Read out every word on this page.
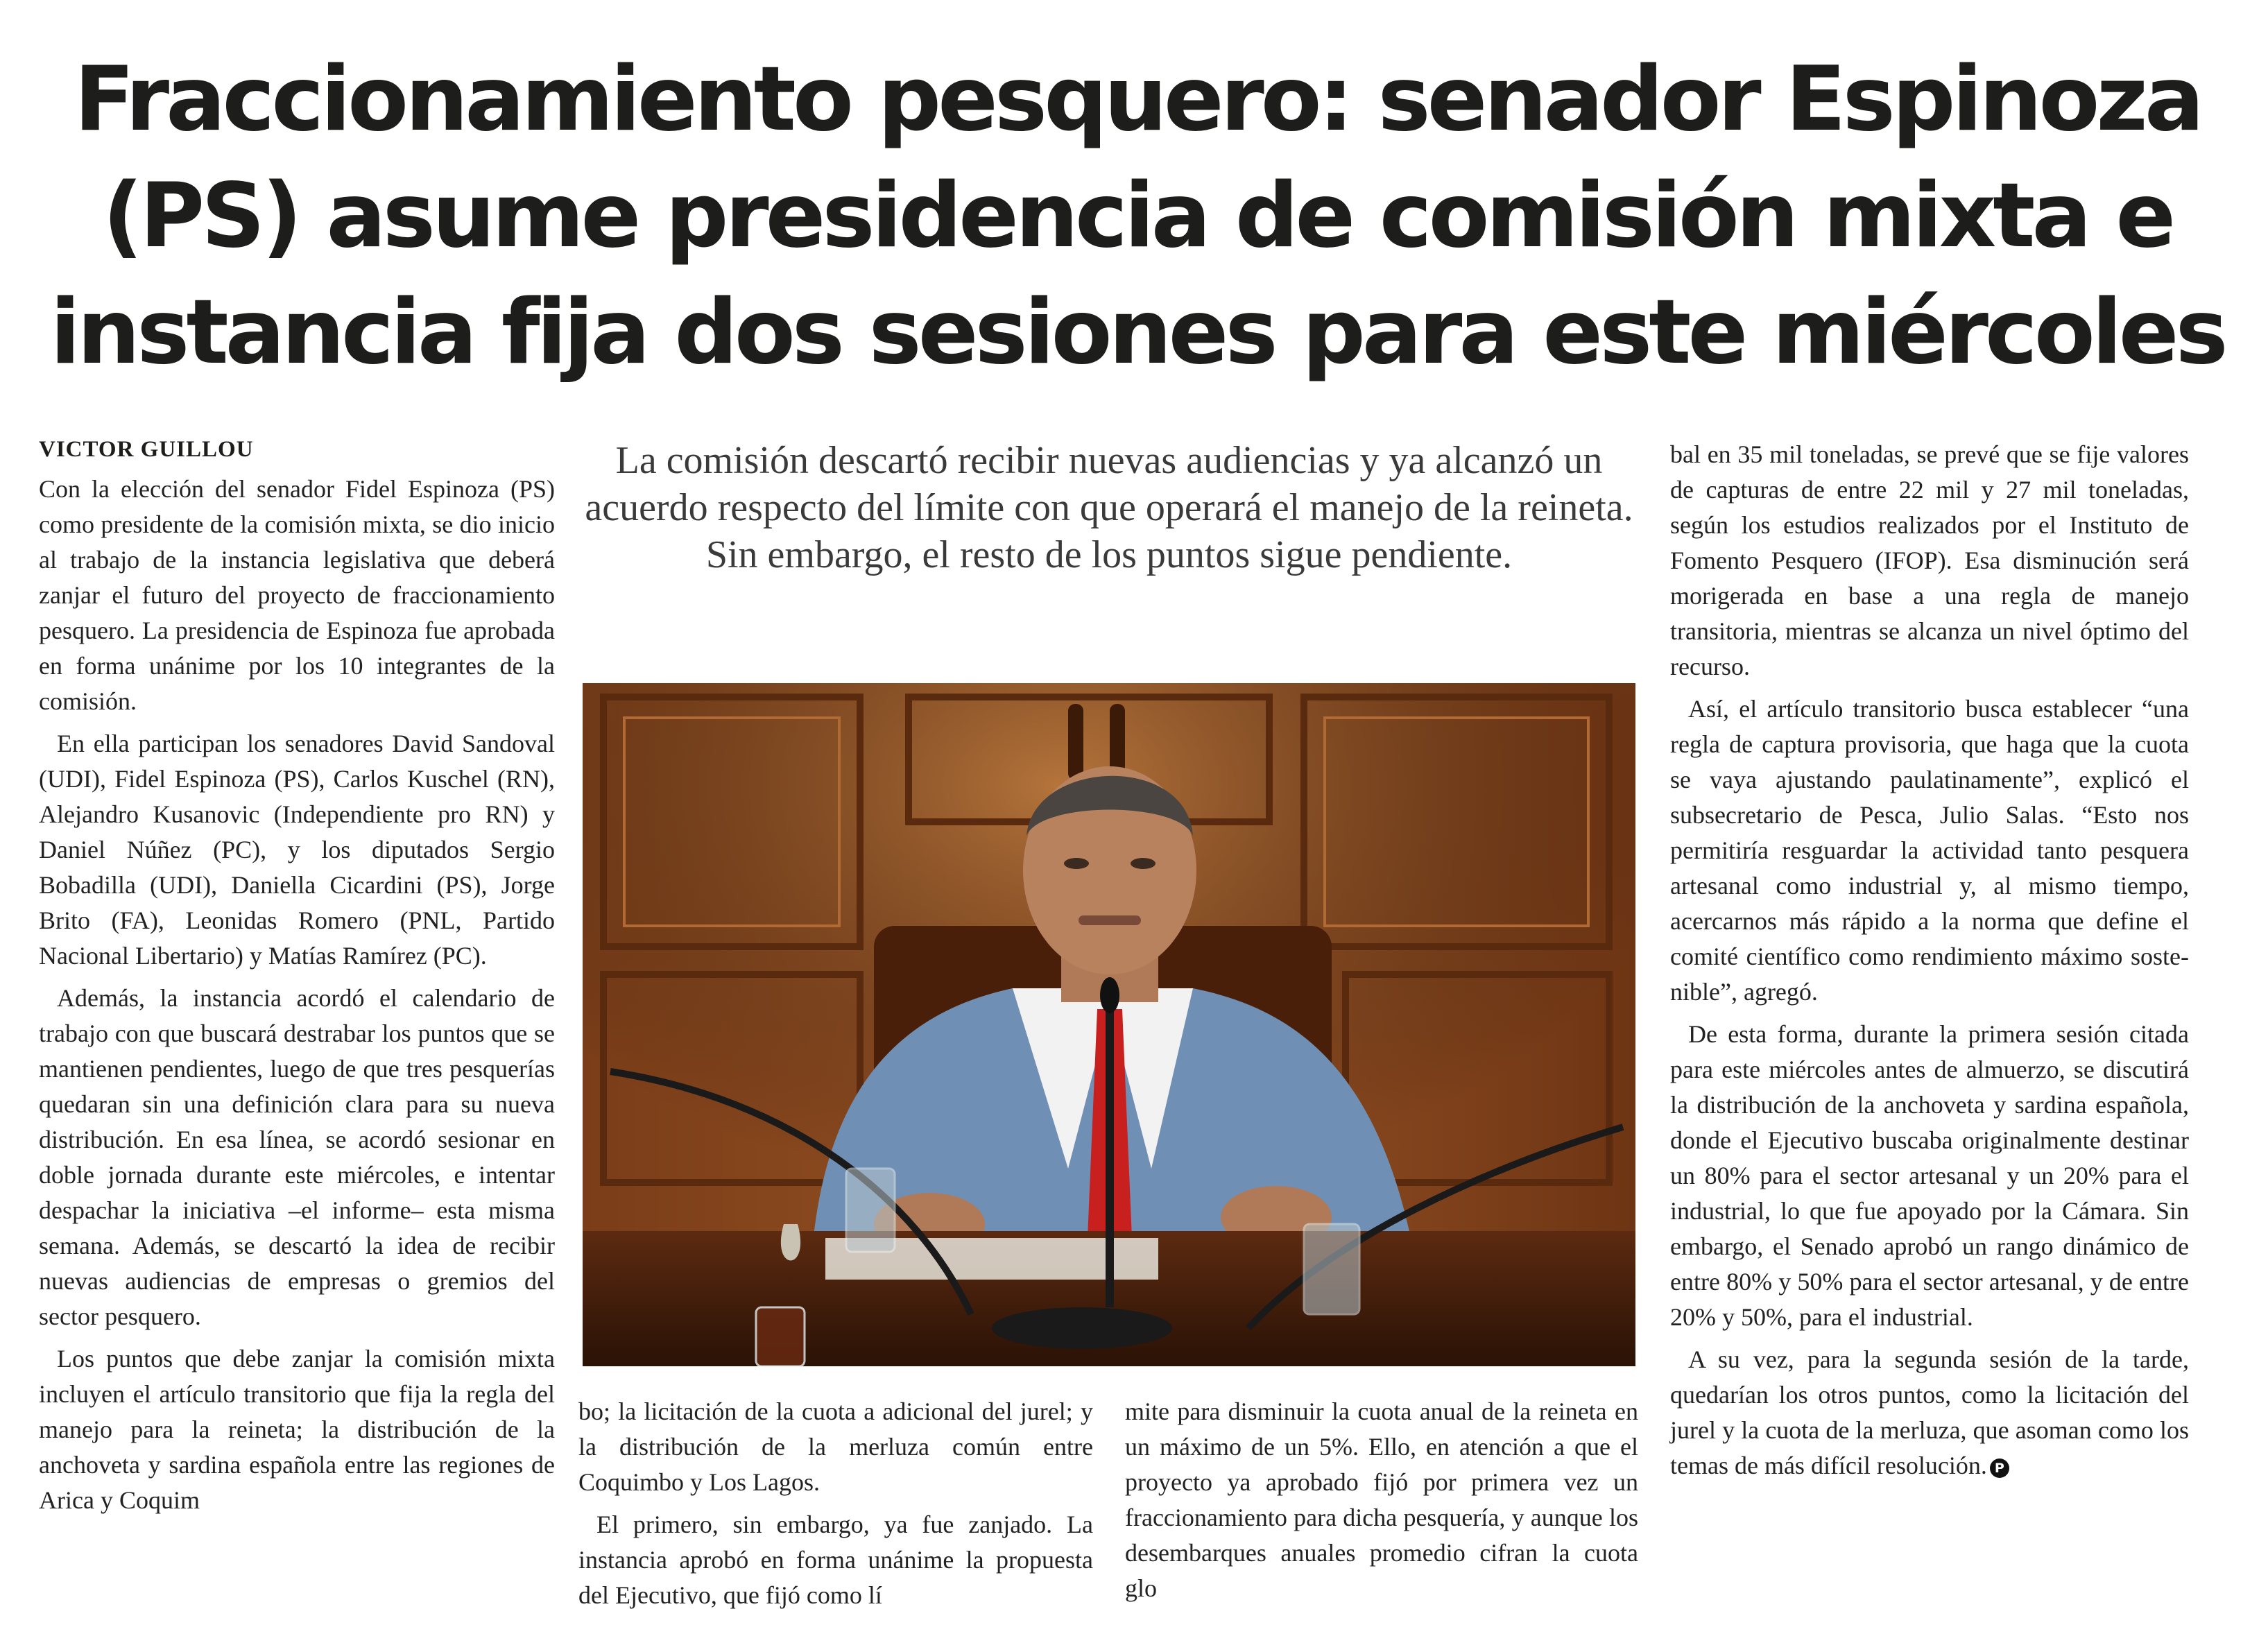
Fraccionamiento pesquero: senador Espinoza (PS) asume presidencia de comisión mixta e instancia fija dos sesiones para este miércoles
VICTOR GUILLOU

Con la elección del senador Fidel Espinoza (PS) como presidente de la comisión mixta, se dio inicio al trabajo de la instancia legislativa que deberá zanjar el futuro del proyecto de fraccionamiento pesquero. La presidencia de Espinoza fue aprobada en forma unánime por los 10 integrantes de la comisión.

En ella participan los senadores David Sandoval (UDI), Fidel Espinoza (PS), Carlos Kuschel (RN), Alejandro Kusanovic (Independiente pro RN) y Daniel Núñez (PC), y los diputados Sergio Bobadilla (UDI), Daniella Cicardini (PS), Jorge Brito (FA), Leonidas Romero (PNL, Partido Nacional Libertario) y Matías Ramírez (PC).

Además, la instancia acordó el calendario de trabajo con que buscará destrabar los puntos que se mantienen pendientes, luego de que tres pesquerías quedaran sin una definición clara para su nueva distribución. En esa línea, se acordó sesionar en doble jornada durante este miércoles, e intentar despachar la iniciativa –el informe– esta misma semana. Además, se descartó la idea de recibir nuevas audiencias de empresas o gremios del sector pesquero.

Los puntos que debe zanjar la comisión mixta incluyen el artículo transitorio que fija la regla del manejo para la reineta; la distribución de la anchoveta y sardina española entre las regiones de Arica y Coquim

La comisión descartó recibir nuevas audiencias y ya alcanzó un acuerdo respecto del límite con que operará el manejo de la reineta. Sin embargo, el resto de los puntos sigue pendiente.

bo; la licitación de la cuota a adicional del jurel; y la distribución de la merluza común entre Coquimbo y Los Lagos.

El primero, sin embargo, ya fue zanjado. La instancia aprobó en forma unánime la propuesta del Ejecutivo, que fijó como lí

mite para disminuir la cuota anual de la reineta en un máximo de un 5%. Ello, en atención a que el proyecto ya aprobado fijó por primera vez un fraccionamiento para dicha pesquería, y aunque los desembarques anuales promedio cifran la cuota glo

bal en 35 mil toneladas, se prevé que se fije valores de capturas de entre 22 mil y 27 mil toneladas, según los estudios realizados por el Instituto de Fomento Pesquero (IFOP). Esa disminución será morigerada en base a una regla de manejo transitoria, mientras se alcanza un nivel óptimo del recurso.

Así, el artículo transitorio busca establecer “una regla de captura provisoria, que haga que la cuota se vaya ajustando paulatinamente”, explicó el subsecretario de Pesca, Julio Salas. “Esto nos permitiría resguardar la actividad tanto pesquera artesanal como industrial y, al mismo tiempo, acercarnos más rápido a la norma que define el comité científico como rendimiento máximo sostenible”, agregó.

De esta forma, durante la primera sesión citada para este miércoles antes de almuerzo, se discutirá la distribución de la anchoveta y sardina española, donde el Ejecutivo buscaba originalmente destinar un 80% para el sector artesanal y un 20% para el industrial, lo que fue apoyado por la Cámara. Sin embargo, el Senado aprobó un rango dinámico de entre 80% y 50% para el sector artesanal, y de entre 20% y 50%, para el industrial.

A su vez, para la segunda sesión de la tarde, quedarían los otros puntos, como la licitación del jurel y la cuota de la merluza, que asoman como los temas de más difícil resolución. P
